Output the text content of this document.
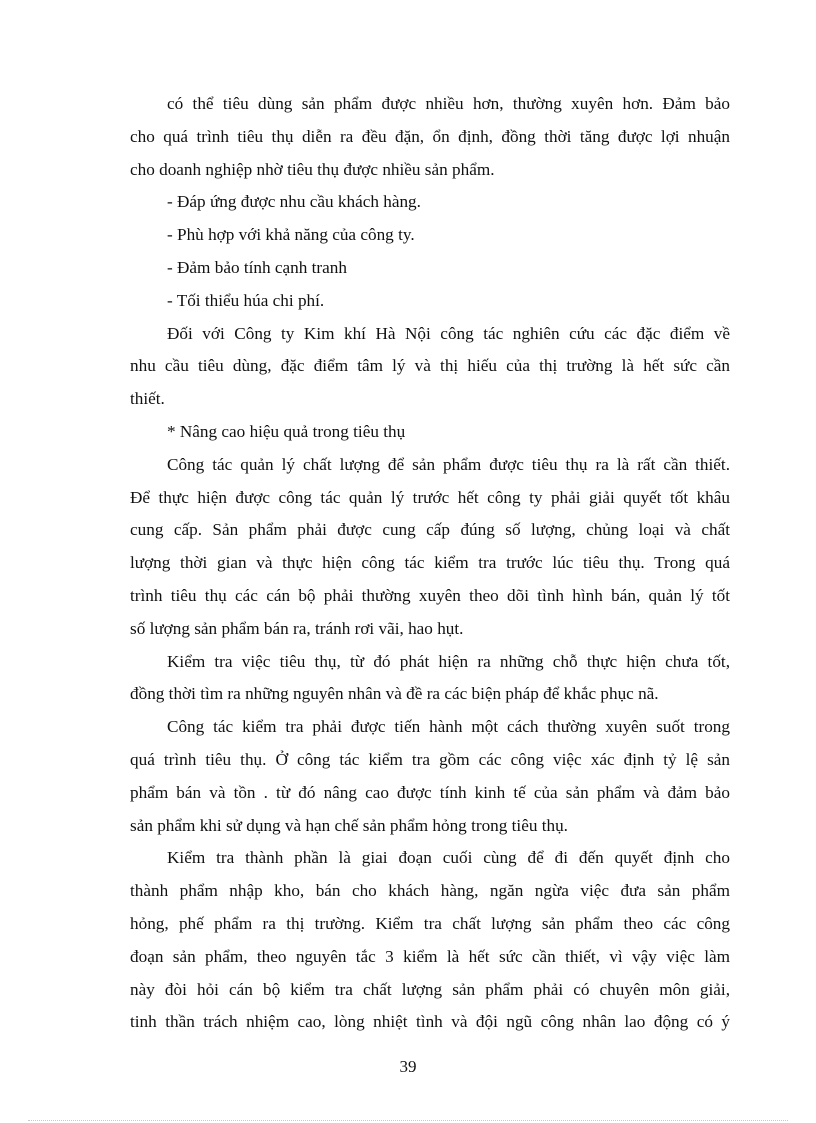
có thể tiêu dùng sản phẩm được nhiều hơn, thường xuyên hơn. Đảm bảo

cho quá trình tiêu thụ diễn ra đều đặn, ổn định, đồng thời tăng được lợi nhuận

cho doanh nghiệp nhờ tiêu thụ được nhiều sản phẩm.

- Đáp ứng được nhu cầu khách hàng.

- Phù hợp với khả năng của công ty.

- Đảm bảo tính cạnh tranh

- Tối thiểu húa chi phí.

Đối với Công ty Kim khí Hà Nội công tác nghiên cứu các đặc điểm về

nhu cầu tiêu dùng, đặc điểm tâm lý và thị hiếu của thị trường là hết sức cần

thiết.

* Nâng cao hiệu quả trong tiêu thụ

Công tác quản lý chất lượng để sản phẩm được tiêu thụ ra là rất cần thiết.

Để thực hiện được công tác quản lý trước hết công ty phải giải quyết tốt khâu

cung cấp. Sản phẩm phải được cung cấp đúng số lượng, chủng loại và chất

lượng thời gian và thực hiện công tác kiểm tra trước lúc tiêu thụ. Trong quá

trình tiêu thụ các cán bộ phải thường xuyên theo dõi tình hình bán, quản lý tốt

số lượng sản phẩm bán ra, tránh rơi vãi, hao hụt.

Kiểm tra việc tiêu thụ, từ đó phát hiện ra những chỗ thực hiện chưa tốt,

đồng thời tìm ra những nguyên nhân và đề ra các biện pháp để khắc phục nã.

Công tác kiểm tra phải được tiến hành một cách thường xuyên suốt trong

quá trình tiêu thụ. Ở công tác kiểm tra gồm các công việc xác định tỷ lệ sản

phẩm bán và tồn . từ đó nâng cao được tính kinh tế của sản phẩm và đảm bảo

sản phẩm khi sử dụng và hạn chế sản phẩm hỏng trong tiêu thụ.

Kiểm tra thành phần là giai đoạn cuối cùng để đi đến quyết định cho

thành phẩm nhập kho, bán cho khách hàng, ngăn ngừa việc đưa sản phẩm

hỏng, phế phẩm ra thị trường. Kiểm tra chất lượng sản phẩm theo các công

đoạn sản phẩm, theo nguyên tắc 3 kiểm là hết sức cần thiết, vì vậy việc làm

này đòi hỏi cán bộ kiểm tra chất lượng sản phẩm phải có chuyên môn giải,

tinh thần trách nhiệm cao, lòng nhiệt tình và đội ngũ công nhân lao động có ý

39
